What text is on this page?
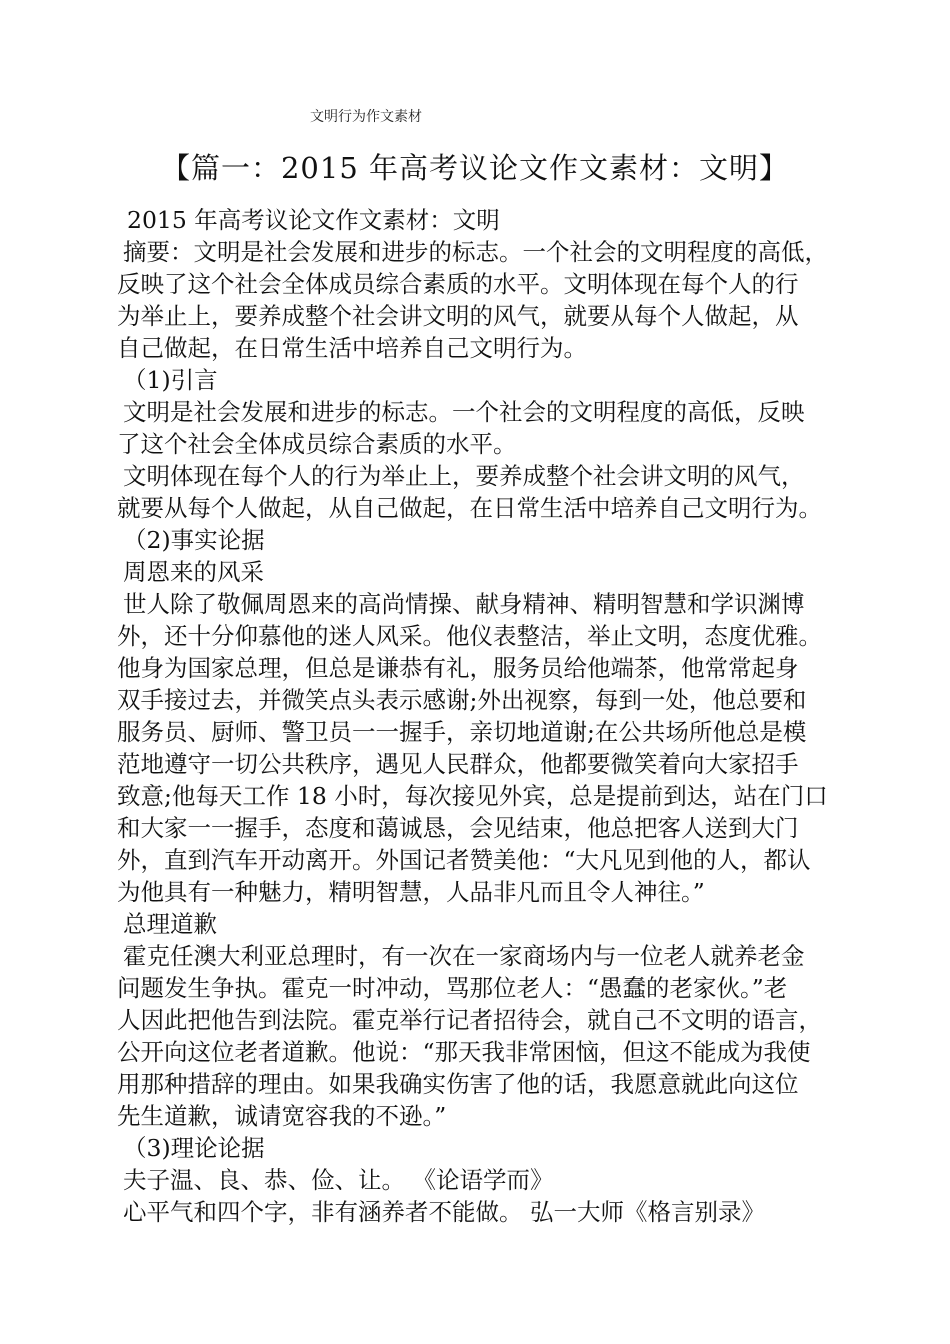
文明行为作文素材
【篇一：2015 年高考议论文作文素材：文明】
2015 年高考议论文作文素材：文明
摘要：文明是社会发展和进步的标志。一个社会的文明程度的高低，
反映了这个社会全体成员综合素质的水平。文明体现在每个人的行
为举止上，要养成整个社会讲文明的风气，就要从每个人做起，从
自己做起，在日常生活中培养自己文明行为。
（1)引言
文明是社会发展和进步的标志。一个社会的文明程度的高低，反映
了这个社会全体成员综合素质的水平。
文明体现在每个人的行为举止上，要养成整个社会讲文明的风气，
就要从每个人做起，从自己做起，在日常生活中培养自己文明行为。
（2)事实论据
周恩来的风采
世人除了敬佩周恩来的高尚情操、献身精神、精明智慧和学识渊博
外，还十分仰慕他的迷人风采。他仪表整洁，举止文明，态度优雅。
他身为国家总理，但总是谦恭有礼，服务员给他端茶，他常常起身
双手接过去，并微笑点头表示感谢;外出视察，每到一处，他总要和
服务员、厨师、警卫员一一握手，亲切地道谢;在公共场所他总是模
范地遵守一切公共秩序，遇见人民群众，他都要微笑着向大家招手
致意;他每天工作 18 小时，每次接见外宾，总是提前到达，站在门口
和大家一一握手，态度和蔼诚恳，会见结束，他总把客人送到大门
外，直到汽车开动离开。外国记者赞美他：“大凡见到他的人，都认
为他具有一种魅力，精明智慧，人品非凡而且令人神往。”
总理道歉
霍克任澳大利亚总理时，有一次在一家商场内与一位老人就养老金
问题发生争执。霍克一时冲动，骂那位老人：“愚蠢的老家伙。”老
人因此把他告到法院。霍克举行记者招待会，就自己不文明的语言，
公开向这位老者道歉。他说：“那天我非常困恼，但这不能成为我使
用那种措辞的理由。如果我确实伤害了他的话，我愿意就此向这位
先生道歉，诚请宽容我的不逊。”
（3)理论论据
夫子温、良、恭、俭、让。 《论语学而》
心平气和四个字，非有涵养者不能做。 弘一大师《格言别录》
